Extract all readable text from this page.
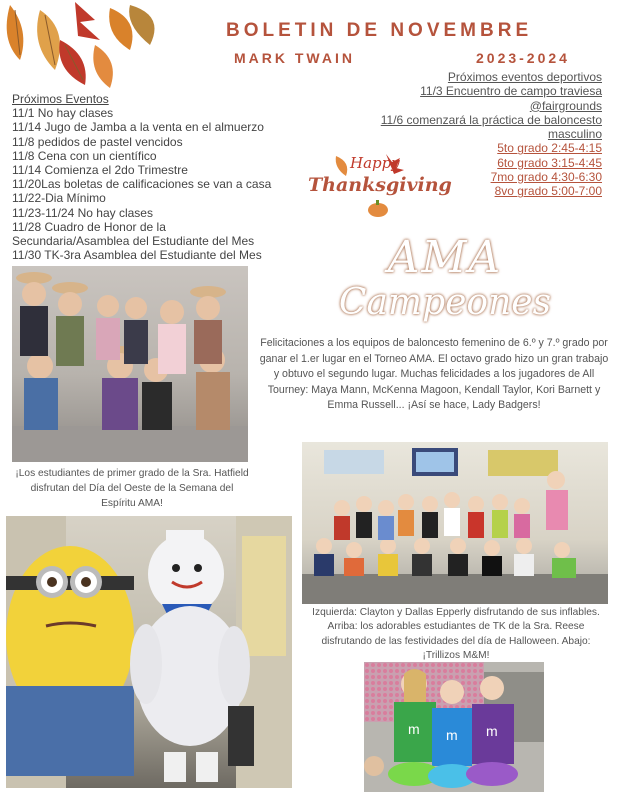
BOLETIN DE NOVEMBRE
MARK TWAIN	2023-2024
Próximos Eventos
11/1 No hay clases
11/14 Jugo de Jamba a la venta en el almuerzo
11/8 pedidos de pastel vencidos
11/8 Cena con un científico
11/14 Comienza el 2do Trimestre
11/20Las boletas de calificaciones se van a casa
11/22-Dia Mínimo
11/23-11/24 No hay clases
11/28 Cuadro de Honor de la
Secundaria/Asamblea del Estudiante del Mes
11/30 TK-3ra Asamblea del Estudiante del Mes
Próximos eventos deportivos
11/3 Encuentro de campo traviesa
@fairgrounds
11/6 comenzará la práctica de baloncesto
masculino
5to grado 2:45-4:15
6to grado 3:15-4:45
7mo grado 4:30-6:30
8vo grado 5:00-7:00
Happy
Thanksgiving
AMA
Campeones
Felicitaciones a los equipos de baloncesto femenino de 6.º y 7.º grado por ganar el 1.er lugar en el Torneo AMA. El octavo grado hizo un gran trabajo y obtuvo el segundo lugar. Muchas felicidades a los jugadores de All Tourney: Maya Mann, McKenna Magoon, Kendall Taylor, Kori Barnett y Emma Russell... ¡Así se hace, Lady Badgers!
¡Los estudiantes de primer grado de la Sra. Hatfield disfrutan del Día del Oeste de la Semana del Espíritu AMA!
Izquierda: Clayton y Dallas Epperly disfrutando de sus inflables. Arriba: los adorables estudiantes de TK de la Sra. Reese disfrutando de las festividades del día de Halloween. Abajo: ¡Trillizos M&M!
m m m
